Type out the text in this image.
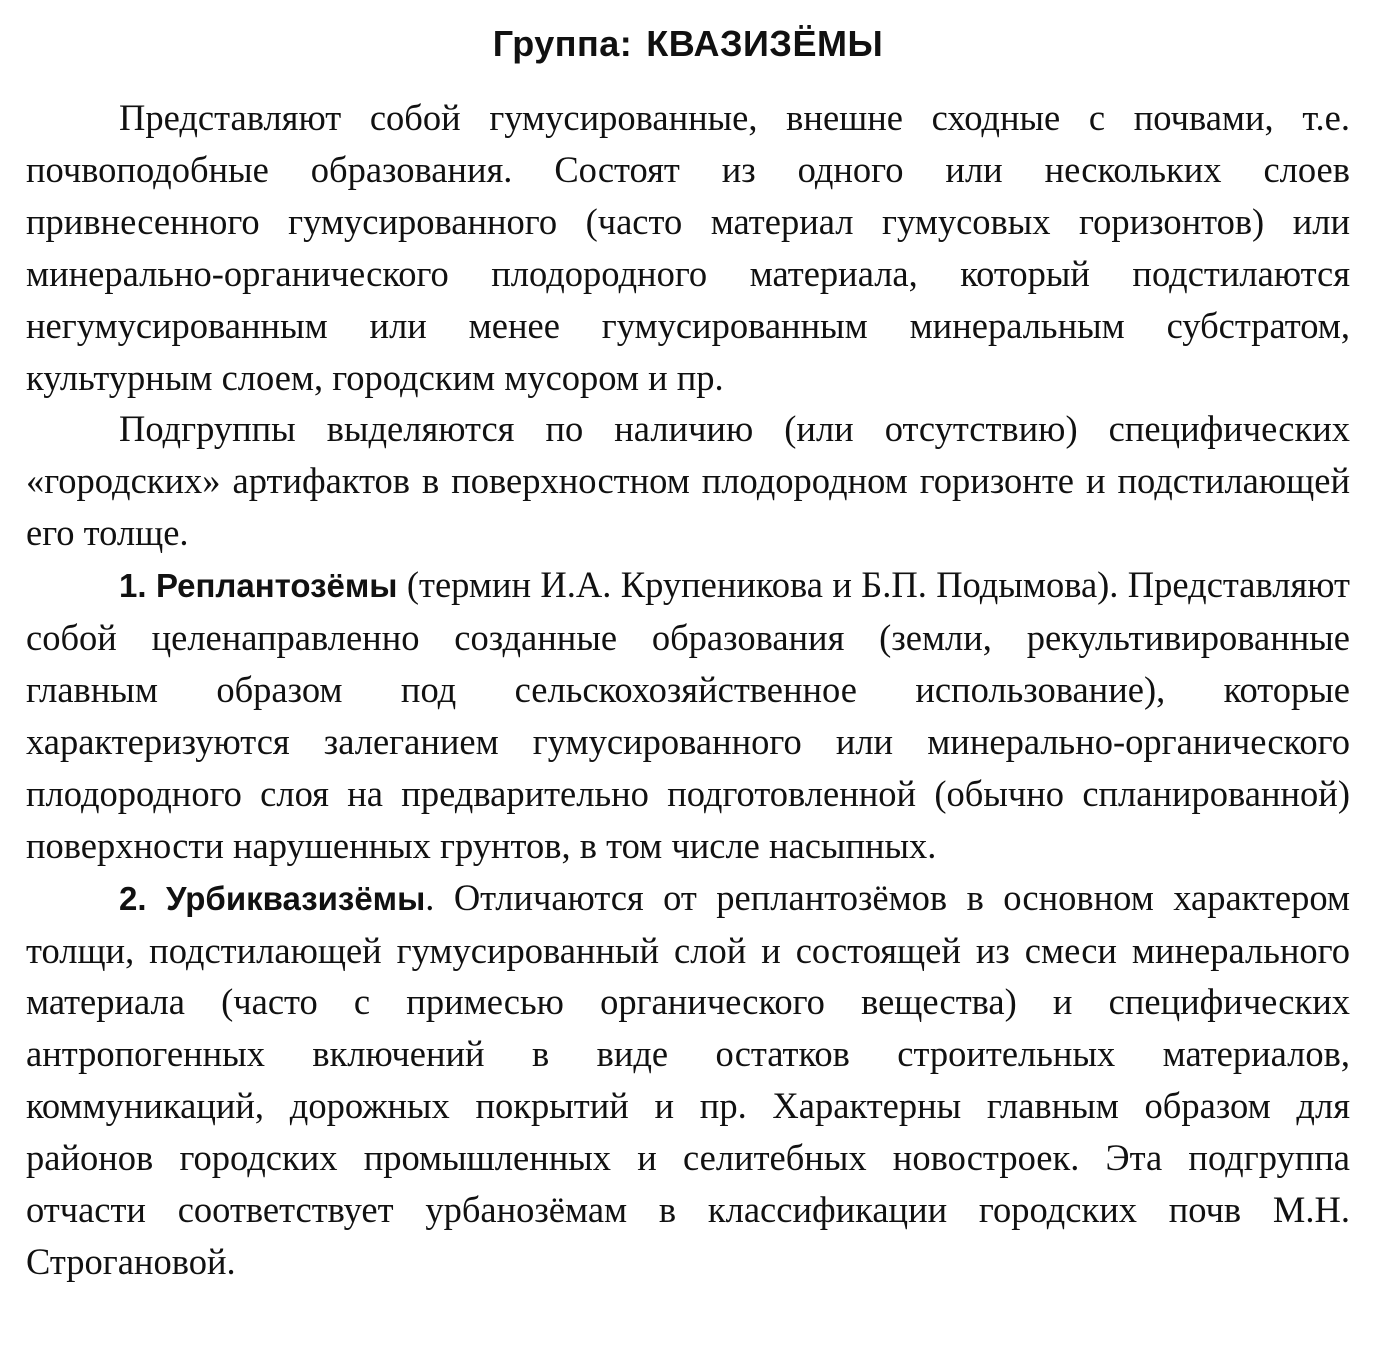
Группа: КВАЗИЗЁМЫ

Представляют собой гумусированные, внешне сходные с почвами, т.е. почвоподобные образования. Состоят из одного или нескольких слоев привнесенного гумусированного (часто материал гумусовых горизонтов) или минерально-органического плодородного материала, который подстилаются негумусированным или менее гумусированным минеральным субстратом, культурным слоем, городским мусором и пр.

Подгруппы выделяются по наличию (или отсутствию) специфических «городских» артифактов в поверхностном плодородном горизонте и подстилающей его толще.

1. Реплантозёмы (термин И.А. Крупеникова и Б.П. Подымова). Представляют собой целенаправленно созданные образования (земли, рекультивированные главным образом под сельскохозяйственное использование), которые характеризуются залеганием гумусированного или минерально-органического плодородного слоя на предварительно подготовленной (обычно спланированной) поверхности нарушенных грунтов, в том числе насыпных.

2. Урбиквазизёмы. Отличаются от реплантозёмов в основном характером толщи, подстилающей гумусированный слой и состоящей из смеси минерального материала (часто с примесью органического вещества) и специфических антропогенных включений в виде остатков строительных материалов, коммуникаций, дорожных покрытий и пр. Характерны главным образом для районов городских промышленных и селитебных новостроек. Эта подгруппа отчасти соответствует урбанозёмам в классификации городских почв М.Н. Строгановой.
